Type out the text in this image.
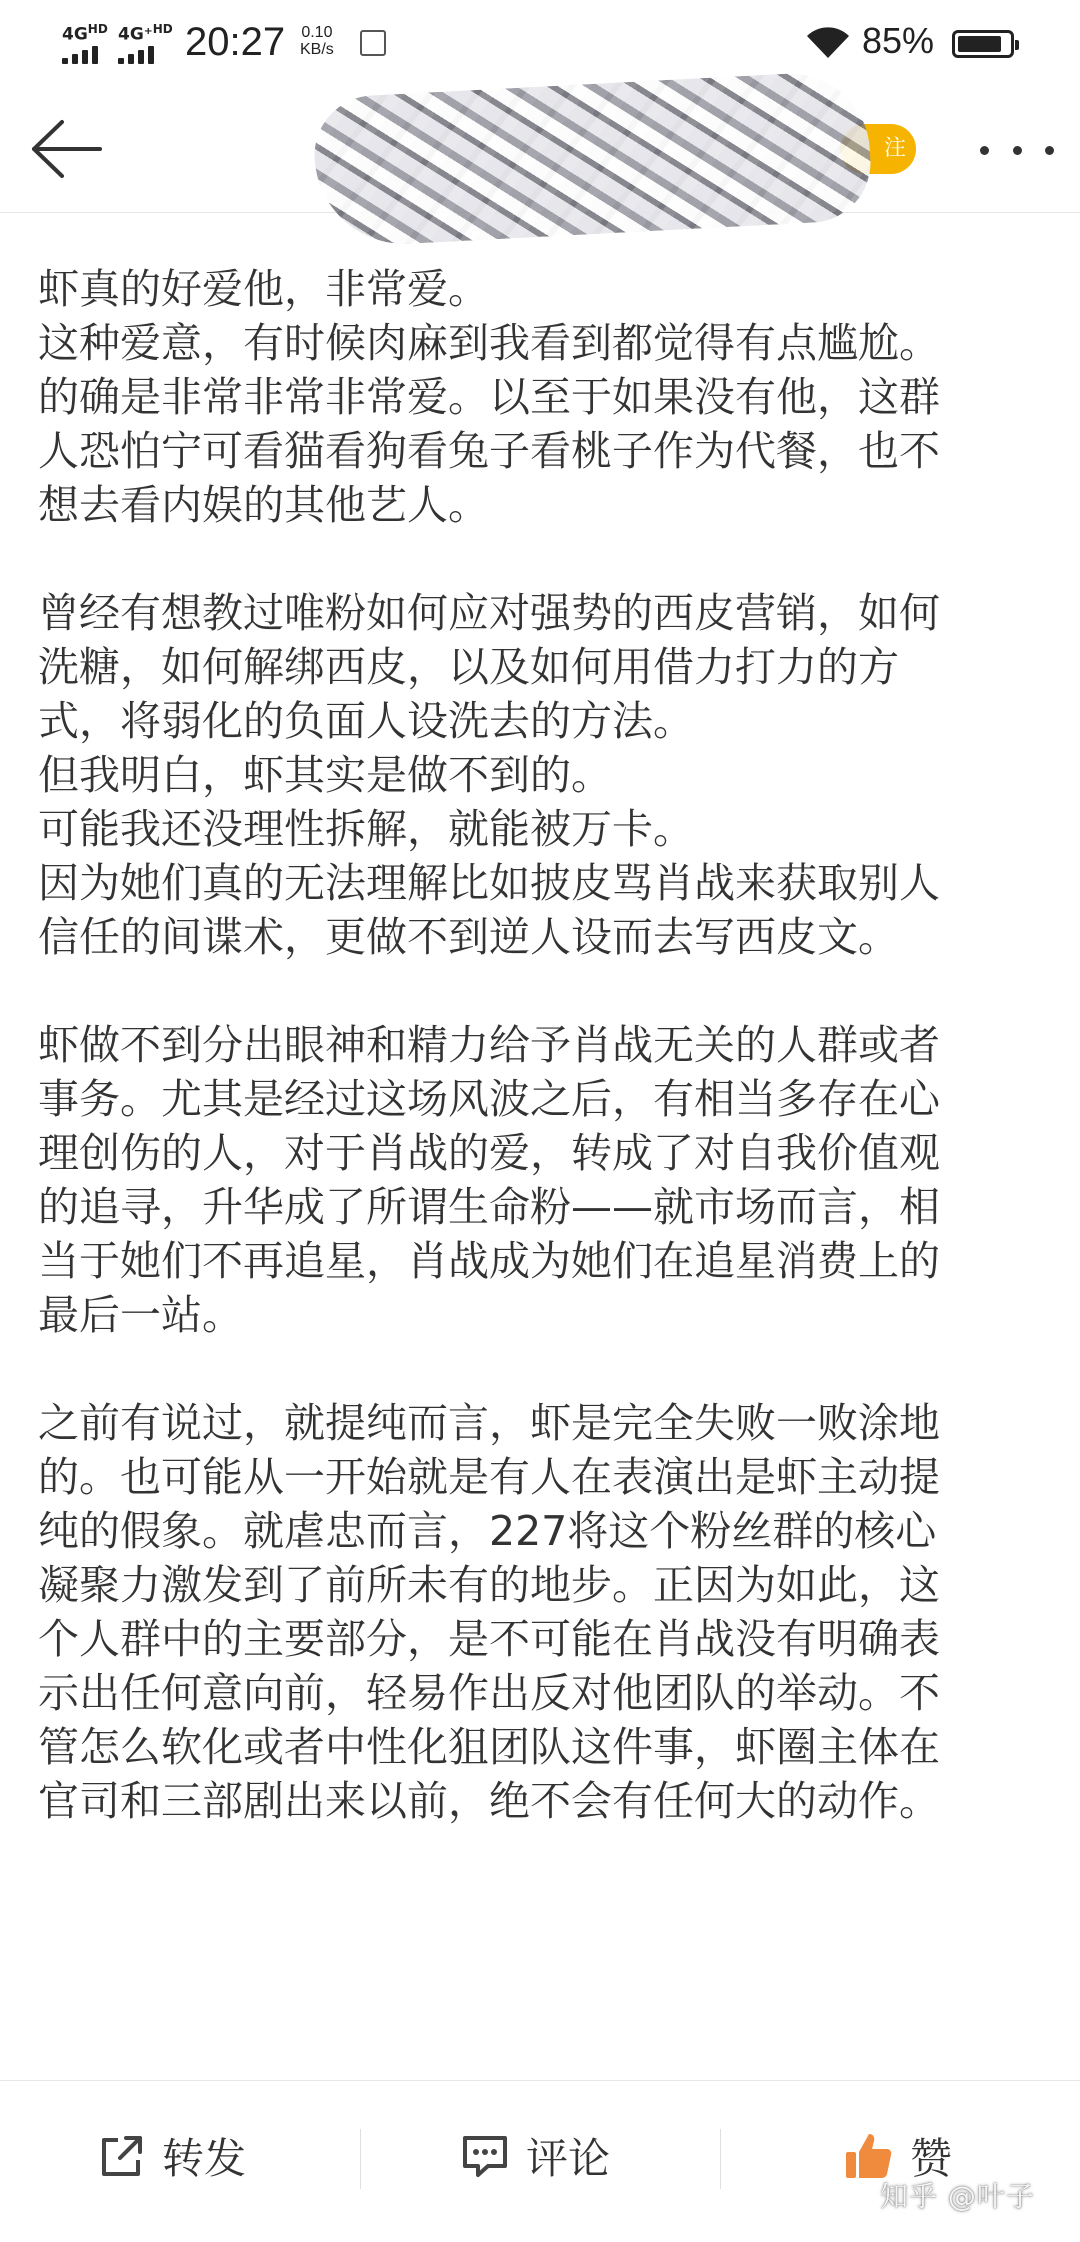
$4G^{HD}$ 4G⁺$^{HD}$ 20:27 0.10
KB/s	85%
注
虾真的好爱他，非常爱。
这种爱意，有时候肉麻到我看到都觉得有点尴尬。
的确是非常非常非常爱。以至于如果没有他，这群
人恐怕宁可看猫看狗看兔子看桃子作为代餐，也不
想去看内娱的其他艺人。
曾经有想教过唯粉如何应对强势的西皮营销，如何
洗糖，如何解绑西皮，以及如何用借力打力的方
式，将弱化的负面人设洗去的方法。
但我明白，虾其实是做不到的。
可能我还没理性拆解，就能被万卡。
因为她们真的无法理解比如披皮骂肖战来获取别人
信任的间谍术，更做不到逆人设而去写西皮文。
虾做不到分出眼神和精力给予肖战无关的人群或者
事务。尤其是经过这场风波之后，有相当多存在心
理创伤的人，对于肖战的爱，转成了对自我价值观
的追寻，升华成了所谓生命粉——就市场而言，相
当于她们不再追星，肖战成为她们在追星消费上的
最后一站。
之前有说过，就提纯而言，虾是完全失败一败涂地
的。也可能从一开始就是有人在表演出是虾主动提
纯的假象。就虐忠而言，227将这个粉丝群的核心
凝聚力激发到了前所未有的地步。正因为如此，这
个人群中的主要部分，是不可能在肖战没有明确表
示出任何意向前，轻易作出反对他团队的举动。不
管怎么软化或者中性化狙团队这件事，虾圈主体在
官司和三部剧出来以前，绝不会有任何大的动作。
转发	评论	赞
知乎 @叶子
